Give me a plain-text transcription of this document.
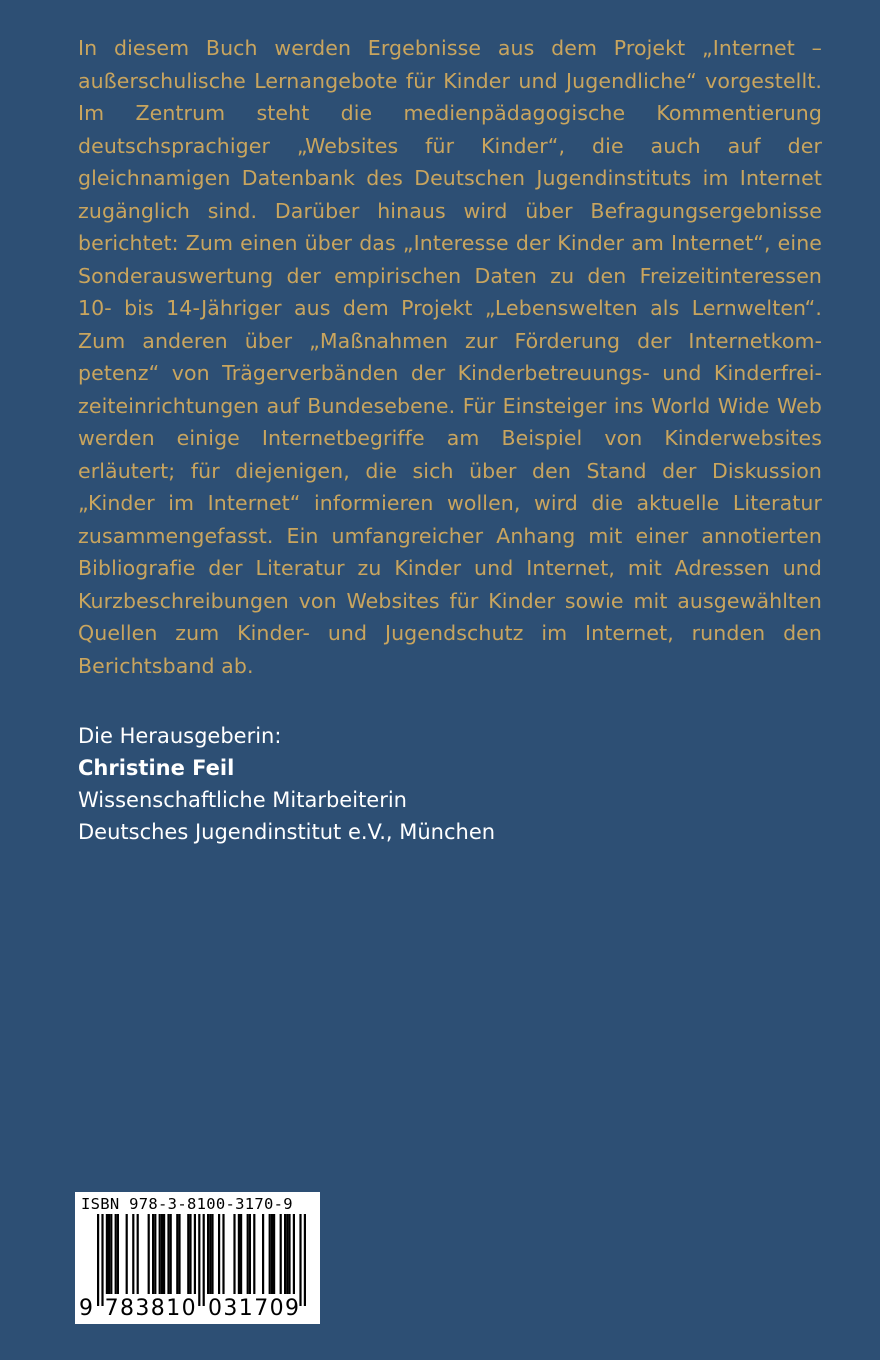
In diesem Buch werden Ergebnisse aus dem Projekt „Internet – außerschulische Lernangebote für Kinder und Jugendliche“ vorgestellt. Im Zentrum steht die medienpädagogische Kommentierung deutschsprachiger „Websites für Kinder“, die auch auf der gleichnamigen Datenbank des Deutschen Jugendinstituts im Internet zugänglich sind. Darüber hinaus wird über Befragungsergebnisse berichtet: Zum einen über das „Interesse der Kinder am Internet“, eine Sonderauswertung der empirischen Daten zu den Freizeitinteressen 10- bis 14-Jähriger aus dem Projekt „Lebenswelten als Lernwelten“. Zum anderen über „Maßnahmen zur Förderung der Internetkompetenz“ von Trägerverbänden der Kinderbetreuungs- und Kinderfreizeiteinrichtungen auf Bundesebene. Für Einsteiger ins World Wide Web werden einige Internetbegriffe am Beispiel von Kinderwebsites erläutert; für diejenigen, die sich über den Stand der Diskussion „Kinder im Internet“ informieren wollen, wird die aktuelle Literatur zusammengefasst. Ein umfangreicher Anhang mit einer annotierten Bibliografie der Literatur zu Kinder und Internet, mit Adressen und Kurzbeschreibungen von Websites für Kinder sowie mit ausgewählten Quellen zum Kinder- und Jugendschutz im Internet, runden den Berichtsband ab.

Die Herausgeberin:
Christine Feil
Wissenschaftliche Mitarbeiterin
Deutsches Jugendinstitut e.V., München
ISBN 978-3-8100-3170-9
9 7 8 3 8 1 0 0 3 1 7 0 9
